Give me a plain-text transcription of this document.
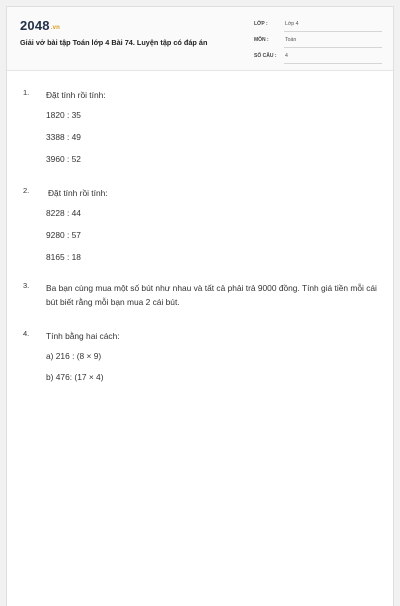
2048.vn
Giải vở bài tập Toán lớp 4 Bài 74. Luyện tập có đáp án
LỚP :	Lớp 4
MÔN :	Toán
SỐ CÂU : 4
1. Đặt tính rồi tính:
1820 : 35
3388 : 49
3960 : 52
2. Đặt tính rồi tính:
8228 : 44
9280 : 57
8165 : 18
3. Ba bạn cùng mua một số bút như nhau và tất cả phải trả 9000 đồng. Tính giá tiền mỗi cái bút biết rằng mỗi bạn mua 2 cái bút.
4. Tính bằng hai cách:
a) 216 : (8 × 9)
b) 476: (17 × 4)
